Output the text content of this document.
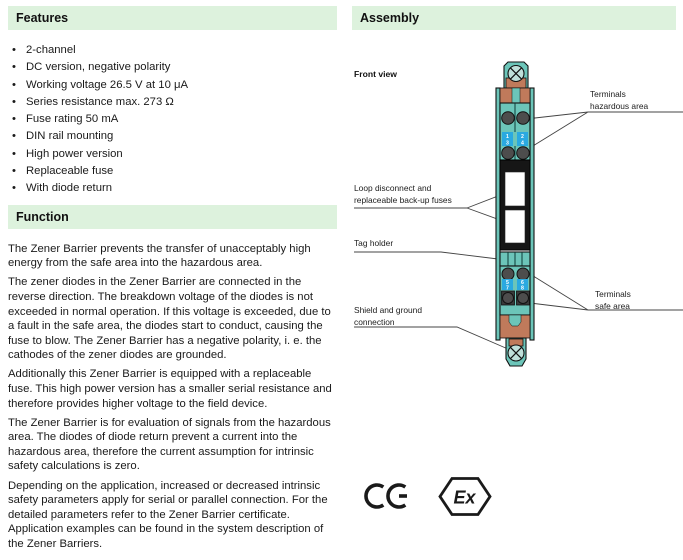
Features
• 2-channel
• DC version, negative polarity
• Working voltage 26.5 V at 10 μA
• Series resistance max. 273 Ω
• Fuse rating 50 mA
• DIN rail mounting
• High power version
• Replaceable fuse
• With diode return
Function

The Zener Barrier prevents the transfer of unacceptably high energy from the safe area into the hazardous area.

The zener diodes in the Zener Barrier are connected in the reverse direction. The breakdown voltage of the diodes is not exceeded in normal operation. If this voltage is exceeded, due to a fault in the safe area, the diodes start to conduct, causing the fuse to blow. The Zener Barrier has a negative polarity, i. e. the cathodes of the zener diodes are grounded.

Additionally this Zener Barrier is equipped with a replaceable fuse. This high power version has a smaller serial resistance and therefore provides higher voltage to the field device.

The Zener Barrier is for evaluation of signals from the hazardous area. The diodes of diode return prevent a current into the hazardous area, therefore the current assumption for intrinsic safety calculations is zero.

Depending on the application, increased or decreased intrinsic safety parameters apply for serial or parallel connection. For the detailed parameters refer to the Zener Barrier certificate. Application examples can be found in the system description of the Zener Barriers.

Assembly
Front view
Terminals
hazardous area
Loop disconnect and
replaceable back-up fuses
Tag holder
Terminals
safe area
Shield and ground
connection
1 2
3 4
5 6
7 8
Ex
